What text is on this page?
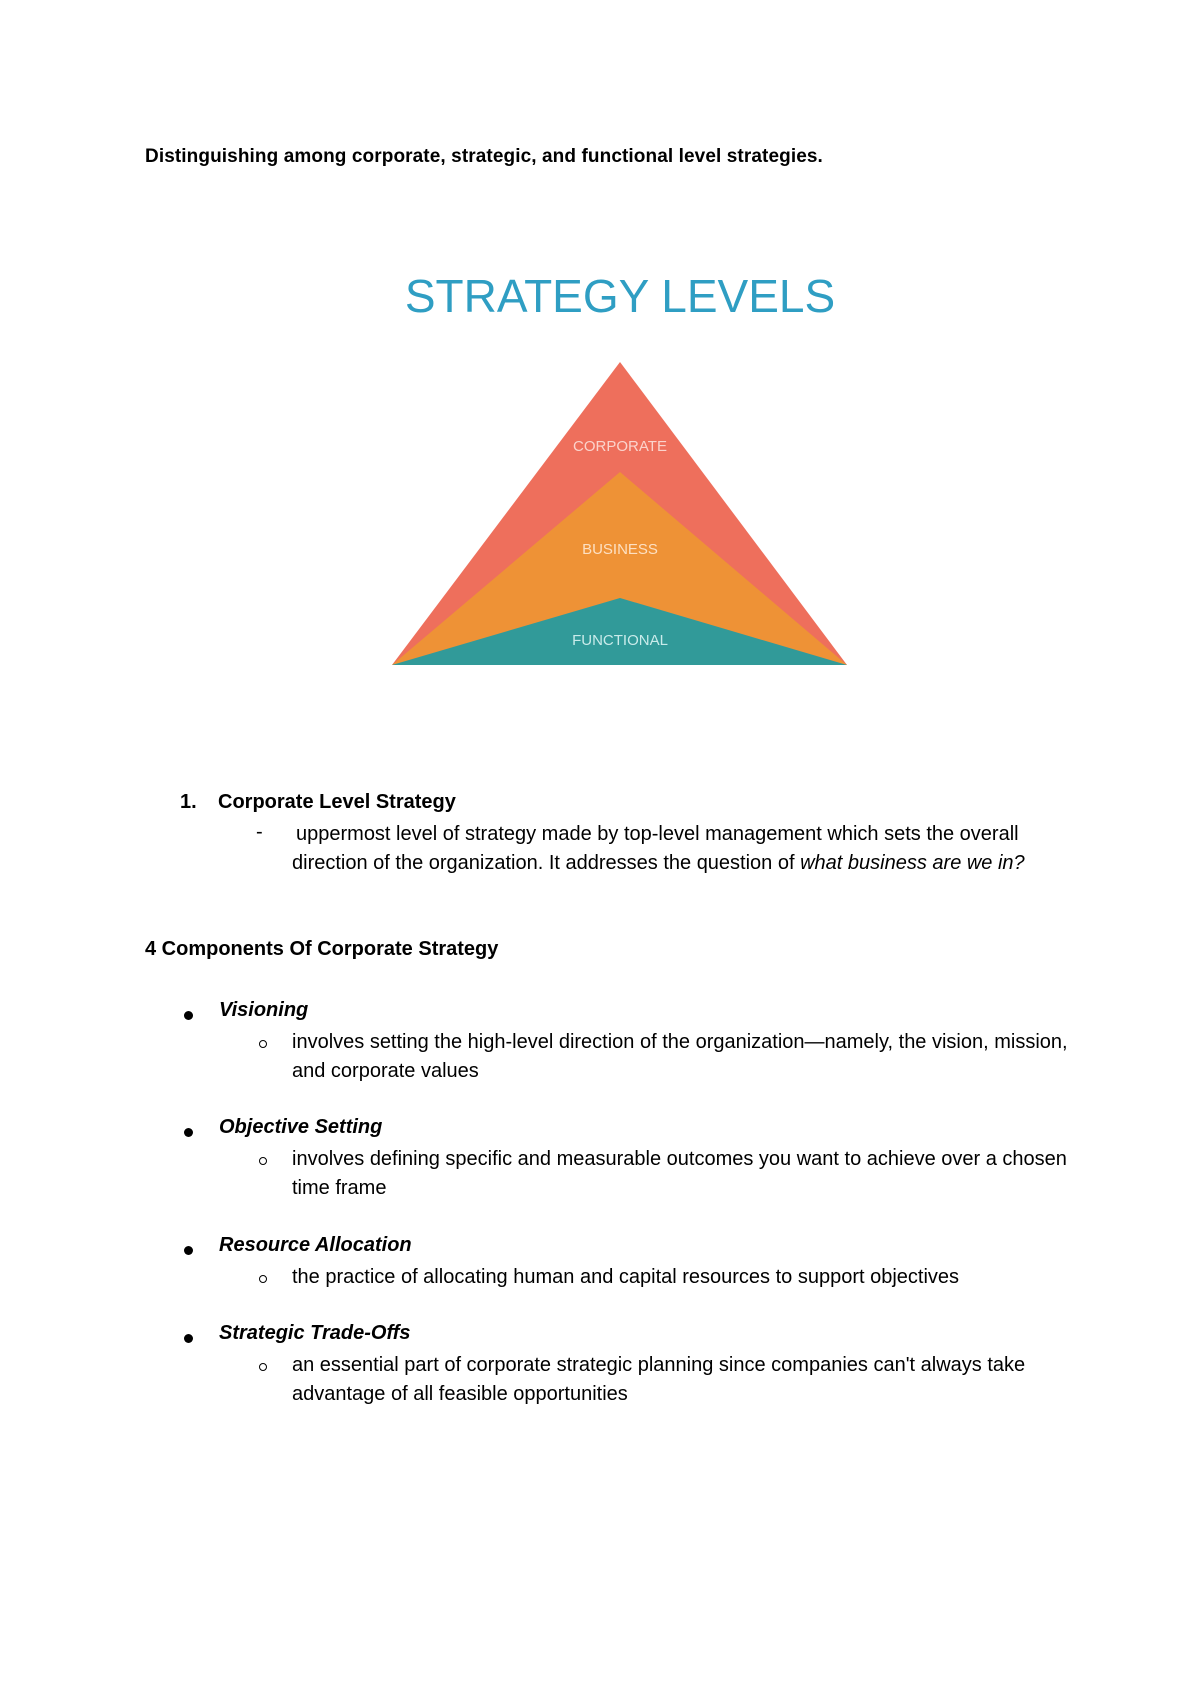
Distinguishing among corporate, strategic, and functional level strategies.
STRATEGY LEVELS
CORPORATE
BUSINESS
FUNCTIONAL
1. Corporate Level Strategy
- uppermost level of strategy made by top-level management which sets the overall direction of the organization. It addresses the question of what business are we in?
4 Components Of Corporate Strategy
Visioning
involves setting the high-level direction of the organization—namely, the vision, mission, and corporate values
Objective Setting
involves defining specific and measurable outcomes you want to achieve over a chosen time frame
Resource Allocation
the practice of allocating human and capital resources to support objectives
Strategic Trade-Offs
an essential part of corporate strategic planning since companies can't always take advantage of all feasible opportunities
